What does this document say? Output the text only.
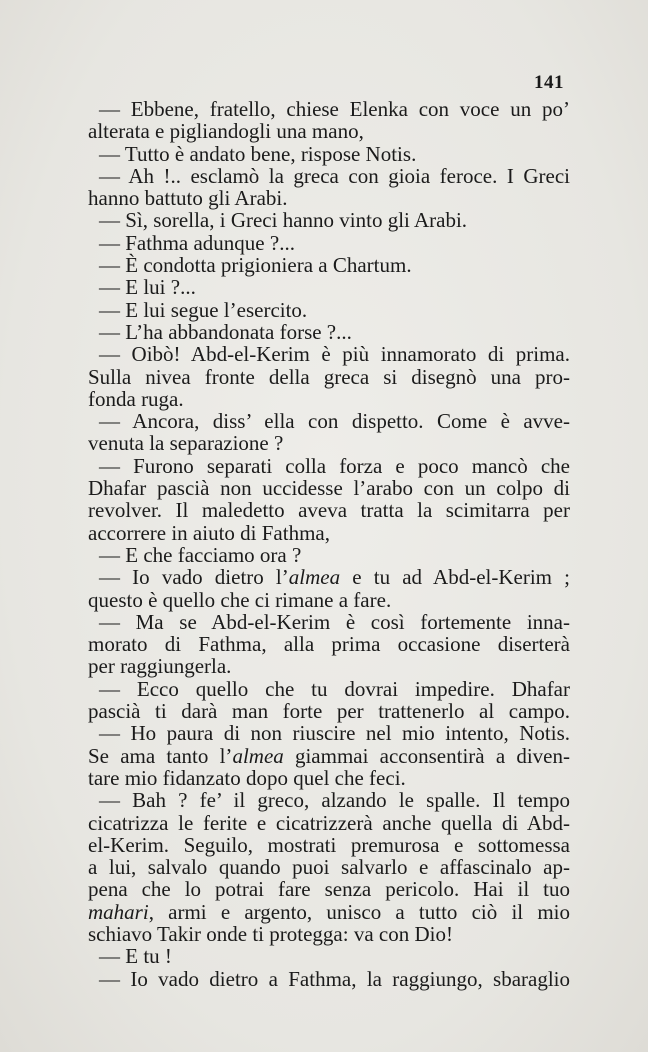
141
— Ebbene, fratello, chiese Elenka con voce un po’
alterata e pigliandogli una mano,
— Tutto è andato bene, rispose Notis.
— Ah !.. esclamò la greca con gioia feroce. I Greci
hanno battuto gli Arabi.
— Sì, sorella, i Greci hanno vinto gli Arabi.
— Fathma adunque ?...
— È condotta prigioniera a Chartum.
— E lui ?...
— E lui segue l’esercito.
— L’ha abbandonata forse ?...
— Oibò! Abd-el-Kerim è più innamorato di prima.
Sulla nivea fronte della greca si disegnò una pro-
fonda ruga.
— Ancora, diss’ ella con dispetto. Come è avve-
venuta la separazione ?
— Furono separati colla forza e poco mancò che
Dhafar pascià non uccidesse l’arabo con un colpo di
revolver. Il maledetto aveva tratta la scimitarra per
accorrere in aiuto di Fathma,
— E che facciamo ora ?
— Io vado dietro l’almea e tu ad Abd-el-Kerim ;
questo è quello che ci rimane a fare.
— Ma se Abd-el-Kerim è così fortemente inna-
morato di Fathma, alla prima occasione diserterà
per raggiungerla.
— Ecco quello che tu dovrai impedire. Dhafar
pascià ti darà man forte per trattenerlo al campo.
— Ho paura di non riuscire nel mio intento, Notis.
Se ama tanto l’almea giammai acconsentirà a diven-
tare mio fidanzato dopo quel che feci.
— Bah ? fe’ il greco, alzando le spalle. Il tempo
cicatrizza le ferite e cicatrizzerà anche quella di Abd-
el-Kerim. Seguilo, mostrati premurosa e sottomessa
a lui, salvalo quando puoi salvarlo e affascinalo ap-
pena che lo potrai fare senza pericolo. Hai il tuo
mahari, armi e argento, unisco a tutto ciò il mio
schiavo Takir onde ti protegga: va con Dio!
— E tu !
— Io vado dietro a Fathma, la raggiungo, sbaraglio
